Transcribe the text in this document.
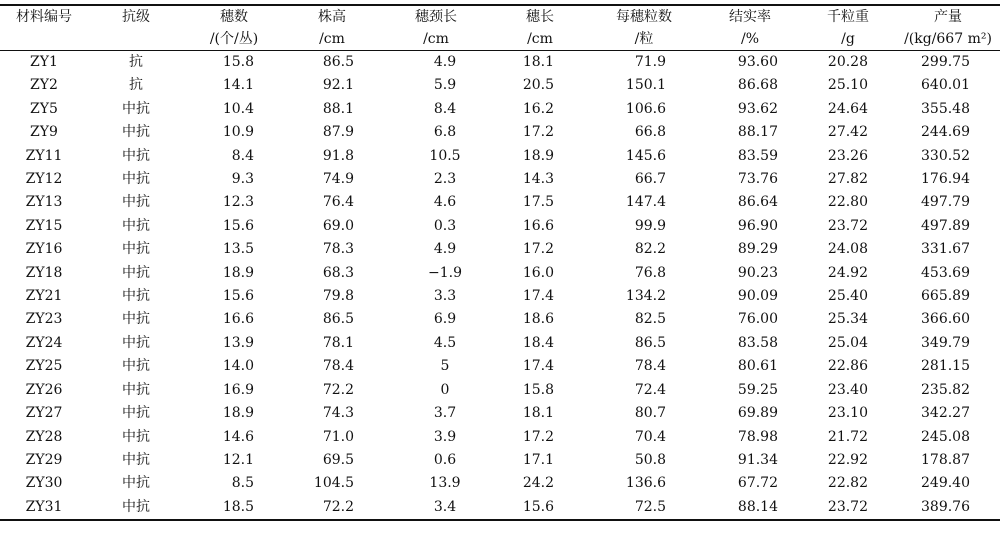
材料编号	抗级	穗数	株高	穗颈长	穗长	每穗粒数	结实率	千粒重	产量
		/(个/丛)	/cm	/cm	/cm	/粒	/%	/g	/(kg/667 m²)
ZY1	抗	15.8	86.5	4.9	18.1	71.9	93.60	20.28	299.75
ZY2	抗	14.1	92.1	5.9	20.5	150.1	86.68	25.10	640.01
ZY5	中抗	10.4	88.1	8.4	16.2	106.6	93.62	24.64	355.48
ZY9	中抗	10.9	87.9	6.8	17.2	66.8	88.17	27.42	244.69
ZY11	中抗	8.4	91.8	10.5	18.9	145.6	83.59	23.26	330.52
ZY12	中抗	9.3	74.9	2.3	14.3	66.7	73.76	27.82	176.94
ZY13	中抗	12.3	76.4	4.6	17.5	147.4	86.64	22.80	497.79
ZY15	中抗	15.6	69.0	0.3	16.6	99.9	96.90	23.72	497.89
ZY16	中抗	13.5	78.3	4.9	17.2	82.2	89.29	24.08	331.67
ZY18	中抗	18.9	68.3	−1.9	16.0	76.8	90.23	24.92	453.69
ZY21	中抗	15.6	79.8	3.3	17.4	134.2	90.09	25.40	665.89
ZY23	中抗	16.6	86.5	6.9	18.6	82.5	76.00	25.34	366.60
ZY24	中抗	13.9	78.1	4.5	18.4	86.5	83.58	25.04	349.79
ZY25	中抗	14.0	78.4	5	17.4	78.4	80.61	22.86	281.15
ZY26	中抗	16.9	72.2	0	15.8	72.4	59.25	23.40	235.82
ZY27	中抗	18.9	74.3	3.7	18.1	80.7	69.89	23.10	342.27
ZY28	中抗	14.6	71.0	3.9	17.2	70.4	78.98	21.72	245.08
ZY29	中抗	12.1	69.5	0.6	17.1	50.8	91.34	22.92	178.87
ZY30	中抗	8.5	104.5	13.9	24.2	136.6	67.72	22.82	249.40
ZY31	中抗	18.5	72.2	3.4	15.6	72.5	88.14	23.72	389.76
